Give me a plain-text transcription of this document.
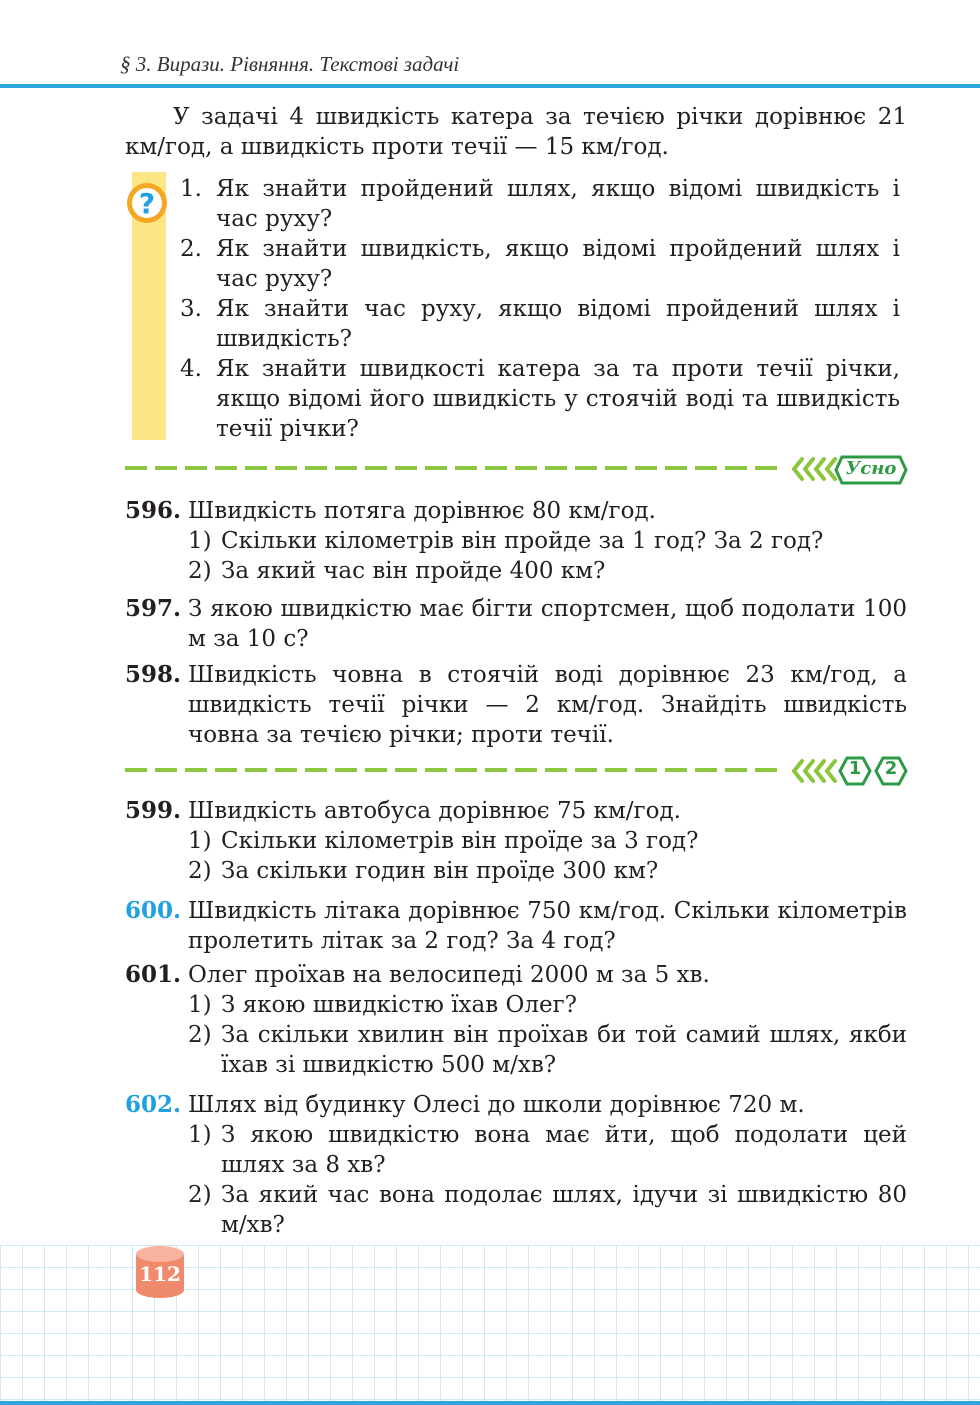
§ 3. Вирази. Рівняння. Текстові задачі
У задачі 4 швидкість катера за течією річки дорівнює 21 км/год, а швидкість проти течії — 15 км/год.
? 1. Як знайти пройдений шлях, якщо відомі швидкість і час руху?
2. Як знайти швидкість, якщо відомі пройдений шлях і час руху?
3. Як знайти час руху, якщо відомі пройдений шлях і швидкість?
4. Як знайти швидкості катера за та проти течії річки, якщо відомі його швидкість у стоячій воді та швидкість течії річки?
Усно
596. Швидкість потяга дорівнює 80 км/год.
1) Скільки кілометрів він пройде за 1 год? За 2 год?
2) За який час він пройде 400 км?
597. З якою швидкістю має бігти спортсмен, щоб подолати 100 м за 10 с?
598. Швидкість човна в стоячій воді дорівнює 23 км/год, а швидкість течії річки — 2 км/год. Знайдіть швидкість човна за течією річки; проти течії.
1	2
599. Швидкість автобуса дорівнює 75 км/год.
1) Скільки кілометрів він проїде за 3 год?
2) За скільки годин він проїде 300 км?
600. Швидкість літака дорівнює 750 км/год. Скільки кілометрів пролетить літак за 2 год? За 4 год?
601. Олег проїхав на велосипеді 2000 м за 5 хв.
1) З якою швидкістю їхав Олег?
2) За скільки хвилин він проїхав би той самий шлях, якби їхав зі швидкістю 500 м/хв?
602. Шлях від будинку Олесі до школи дорівнює 720 м.
1) З якою швидкістю вона має йти, щоб подолати цей шлях за 8 хв?
2) За який час вона подолає шлях, ідучи зі швидкістю 80 м/хв?
112
